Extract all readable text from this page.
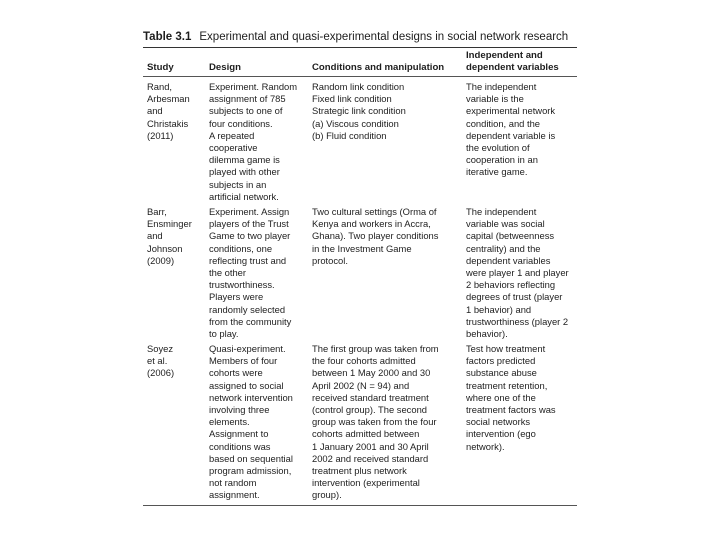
Table 3.1 Experimental and quasi-experimental designs in social network research
Study	Design	Conditions and manipulation
Independent and
dependent variables
Rand,
Arbesman
and
Christakis
(2011)
Experiment. Random
assignment of 785
subjects to one of
four conditions.
A repeated
cooperative
dilemma game is
played with other
subjects in an
artificial network.
Random link condition
Fixed link condition
Strategic link condition
(a) Viscous condition
(b) Fluid condition
The independent
variable is the
experimental network
condition, and the
dependent variable is
the evolution of
cooperation in an
iterative game.
Barr,
Ensminger
and
Johnson
(2009)
Experiment. Assign
players of the Trust
Game to two player
conditions, one
reflecting trust and
the other
trustworthiness.
Players were
randomly selected
from the community
to play.
Two cultural settings (Orma of
Kenya and workers in Accra,
Ghana). Two player conditions
in the Investment Game
protocol.
The independent
variable was social
capital (betweenness
centrality) and the
dependent variables
were player 1 and player
2 behaviors reflecting
degrees of trust (player
1 behavior) and
trustworthiness (player 2
behavior).
Soyez
et al.
(2006)
Quasi-experiment.
Members of four
cohorts were
assigned to social
network intervention
involving three
elements.
Assignment to
conditions was
based on sequential
program admission,
not random
assignment.
The first group was taken from
the four cohorts admitted
between 1 May 2000 and 30
April 2002 (N = 94) and
received standard treatment
(control group). The second
group was taken from the four
cohorts admitted between
1 January 2001 and 30 April
2002 and received standard
treatment plus network
intervention (experimental
group).
Test how treatment
factors predicted
substance abuse
treatment retention,
where one of the
treatment factors was
social networks
intervention (ego
network).
